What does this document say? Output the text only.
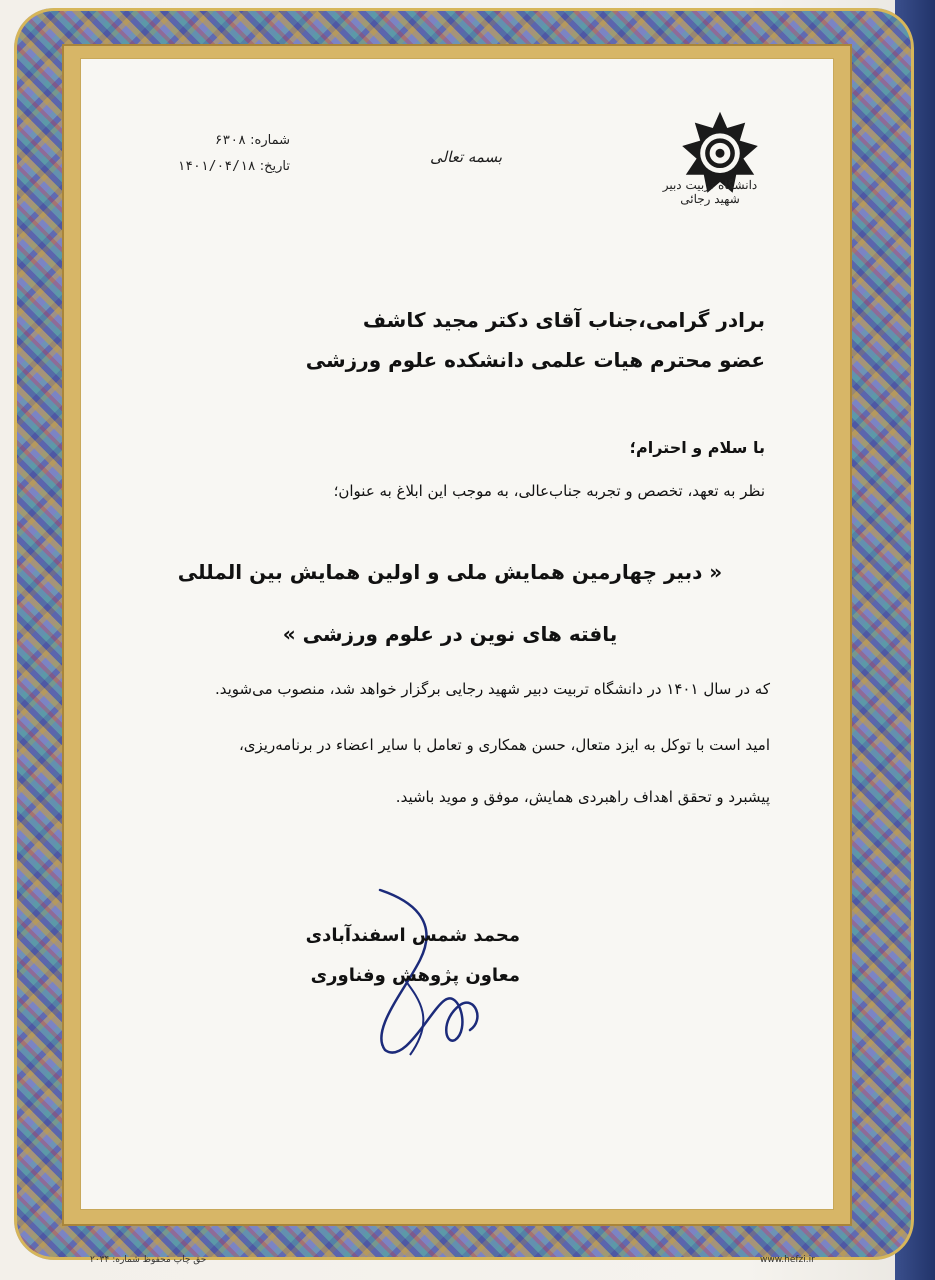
دانشگاه تربیت دبیر شهید رجائی
بسمه تعالی
شماره: ۶۳۰۸
تاریخ: ۱۴۰۱/۰۴/۱۸
برادر گرامی،جناب آقای دکتر مجید کاشف
عضو محترم هیات علمی دانشکده علوم ورزشی
با سلام و احترام؛
نظر به تعهد، تخصص و تجربه جناب‌عالی، به موجب این ابلاغ به عنوان؛
« دبیر چهارمین همایش ملی و اولین همایش بین المللی
یافته های نوین در علوم ورزشی »
که در سال ۱۴۰۱ در دانشگاه تربیت دبیر شهید رجایی برگزار خواهد شد، منصوب می‌شوید.
امید است با توکل به ایزد متعال، حسن همکاری و تعامل با سایر اعضاء در برنامه‌ریزی،
پیشبرد و تحقق اهداف راهبردی همایش، موفق و موید باشید.
محمد شمس اسفندآبادی
معاون پژوهش وفناوری
حق چاپ محفوظ شماره: ۲۰۳۴	www.hefzi.ir
